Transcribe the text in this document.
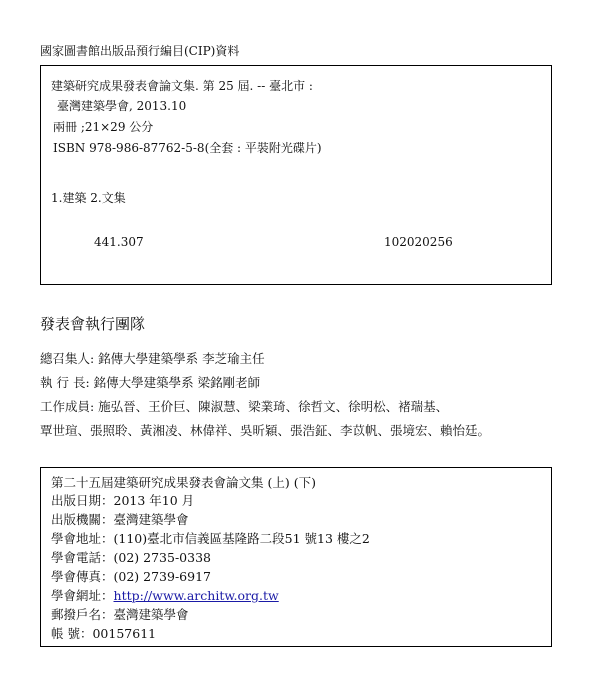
國家圖書館出版品預行編目(CIP)資料
建築研究成果發表會論文集. 第 25 屆. -- 臺北市 :
臺灣建築學會, 2013.10
兩冊 ;21×29 公分
ISBN 978-986-87762-5-8(全套 : 平裝附光碟片)
1.建築 2.文集
441.307	102020256
發表會執行團隊
總召集人: 銘傳大學建築學系 李芝瑜主任
執 行 長: 銘傳大學建築學系 梁銘剛老師
工作成員: 施弘晉、王价巨、陳淑慧、梁業琦、徐哲文、徐明松、褚瑞基、
覃世瑄、張照聆、黃湘凌、林偉祥、吳昕穎、張浩鉦、李苡帆、張境宏、賴怡廷。
第二十五屆建築研究成果發表會論文集 (上) (下)
出版日期：2013 年10 月
出版機關：臺灣建築學會
學會地址：(110)臺北市信義區基隆路二段51 號13 樓之2
學會電話：(02) 2735-0338
學會傳真：(02) 2739-6917
學會網址：http://www.architw.org.tw
郵撥戶名：臺灣建築學會
帳 號：00157611
